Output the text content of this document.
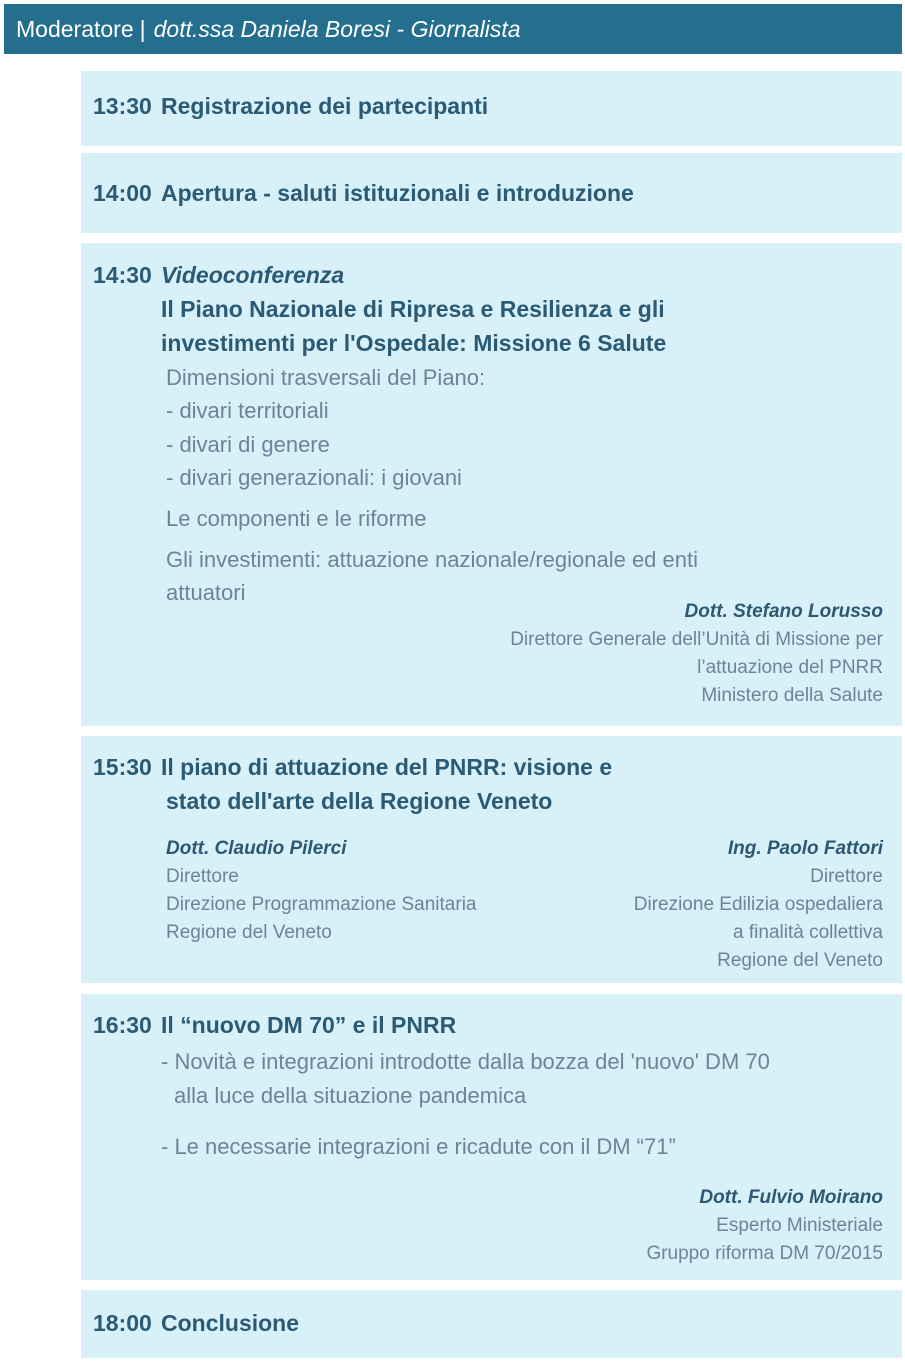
Moderatore | dott.ssa Daniela Boresi - Giornalista
13:30 Registrazione dei partecipanti
14:00 Apertura - saluti istituzionali e introduzione
14:30 Videoconferenza
Il Piano Nazionale di Ripresa e Resilienza e gli
investimenti per l'Ospedale: Missione 6 Salute
Dimensioni trasversali del Piano:
- divari territoriali
- divari di genere
- divari generazionali: i giovani
Le componenti e le riforme
Gli investimenti: attuazione nazionale/regionale ed enti
attuatori
Dott. Stefano Lorusso
Direttore Generale dell’Unità di Missione per
l’attuazione del PNRR
Ministero della Salute
15:30 Il piano di attuazione del PNRR: visione e
stato dell'arte della Regione Veneto
Dott. Claudio Pilerci
Direttore
Direzione Programmazione Sanitaria
Regione del Veneto
Ing. Paolo Fattori
Direttore
Direzione Edilizia ospedaliera
a finalità collettiva
Regione del Veneto
16:30 Il “nuovo DM 70” e il PNRR
- Novità e integrazioni introdotte dalla bozza del 'nuovo' DM 70
alla luce della situazione pandemica
- Le necessarie integrazioni e ricadute con il DM “71”
Dott. Fulvio Moirano
Esperto Ministeriale
Gruppo riforma DM 70/2015
18:00 Conclusione
